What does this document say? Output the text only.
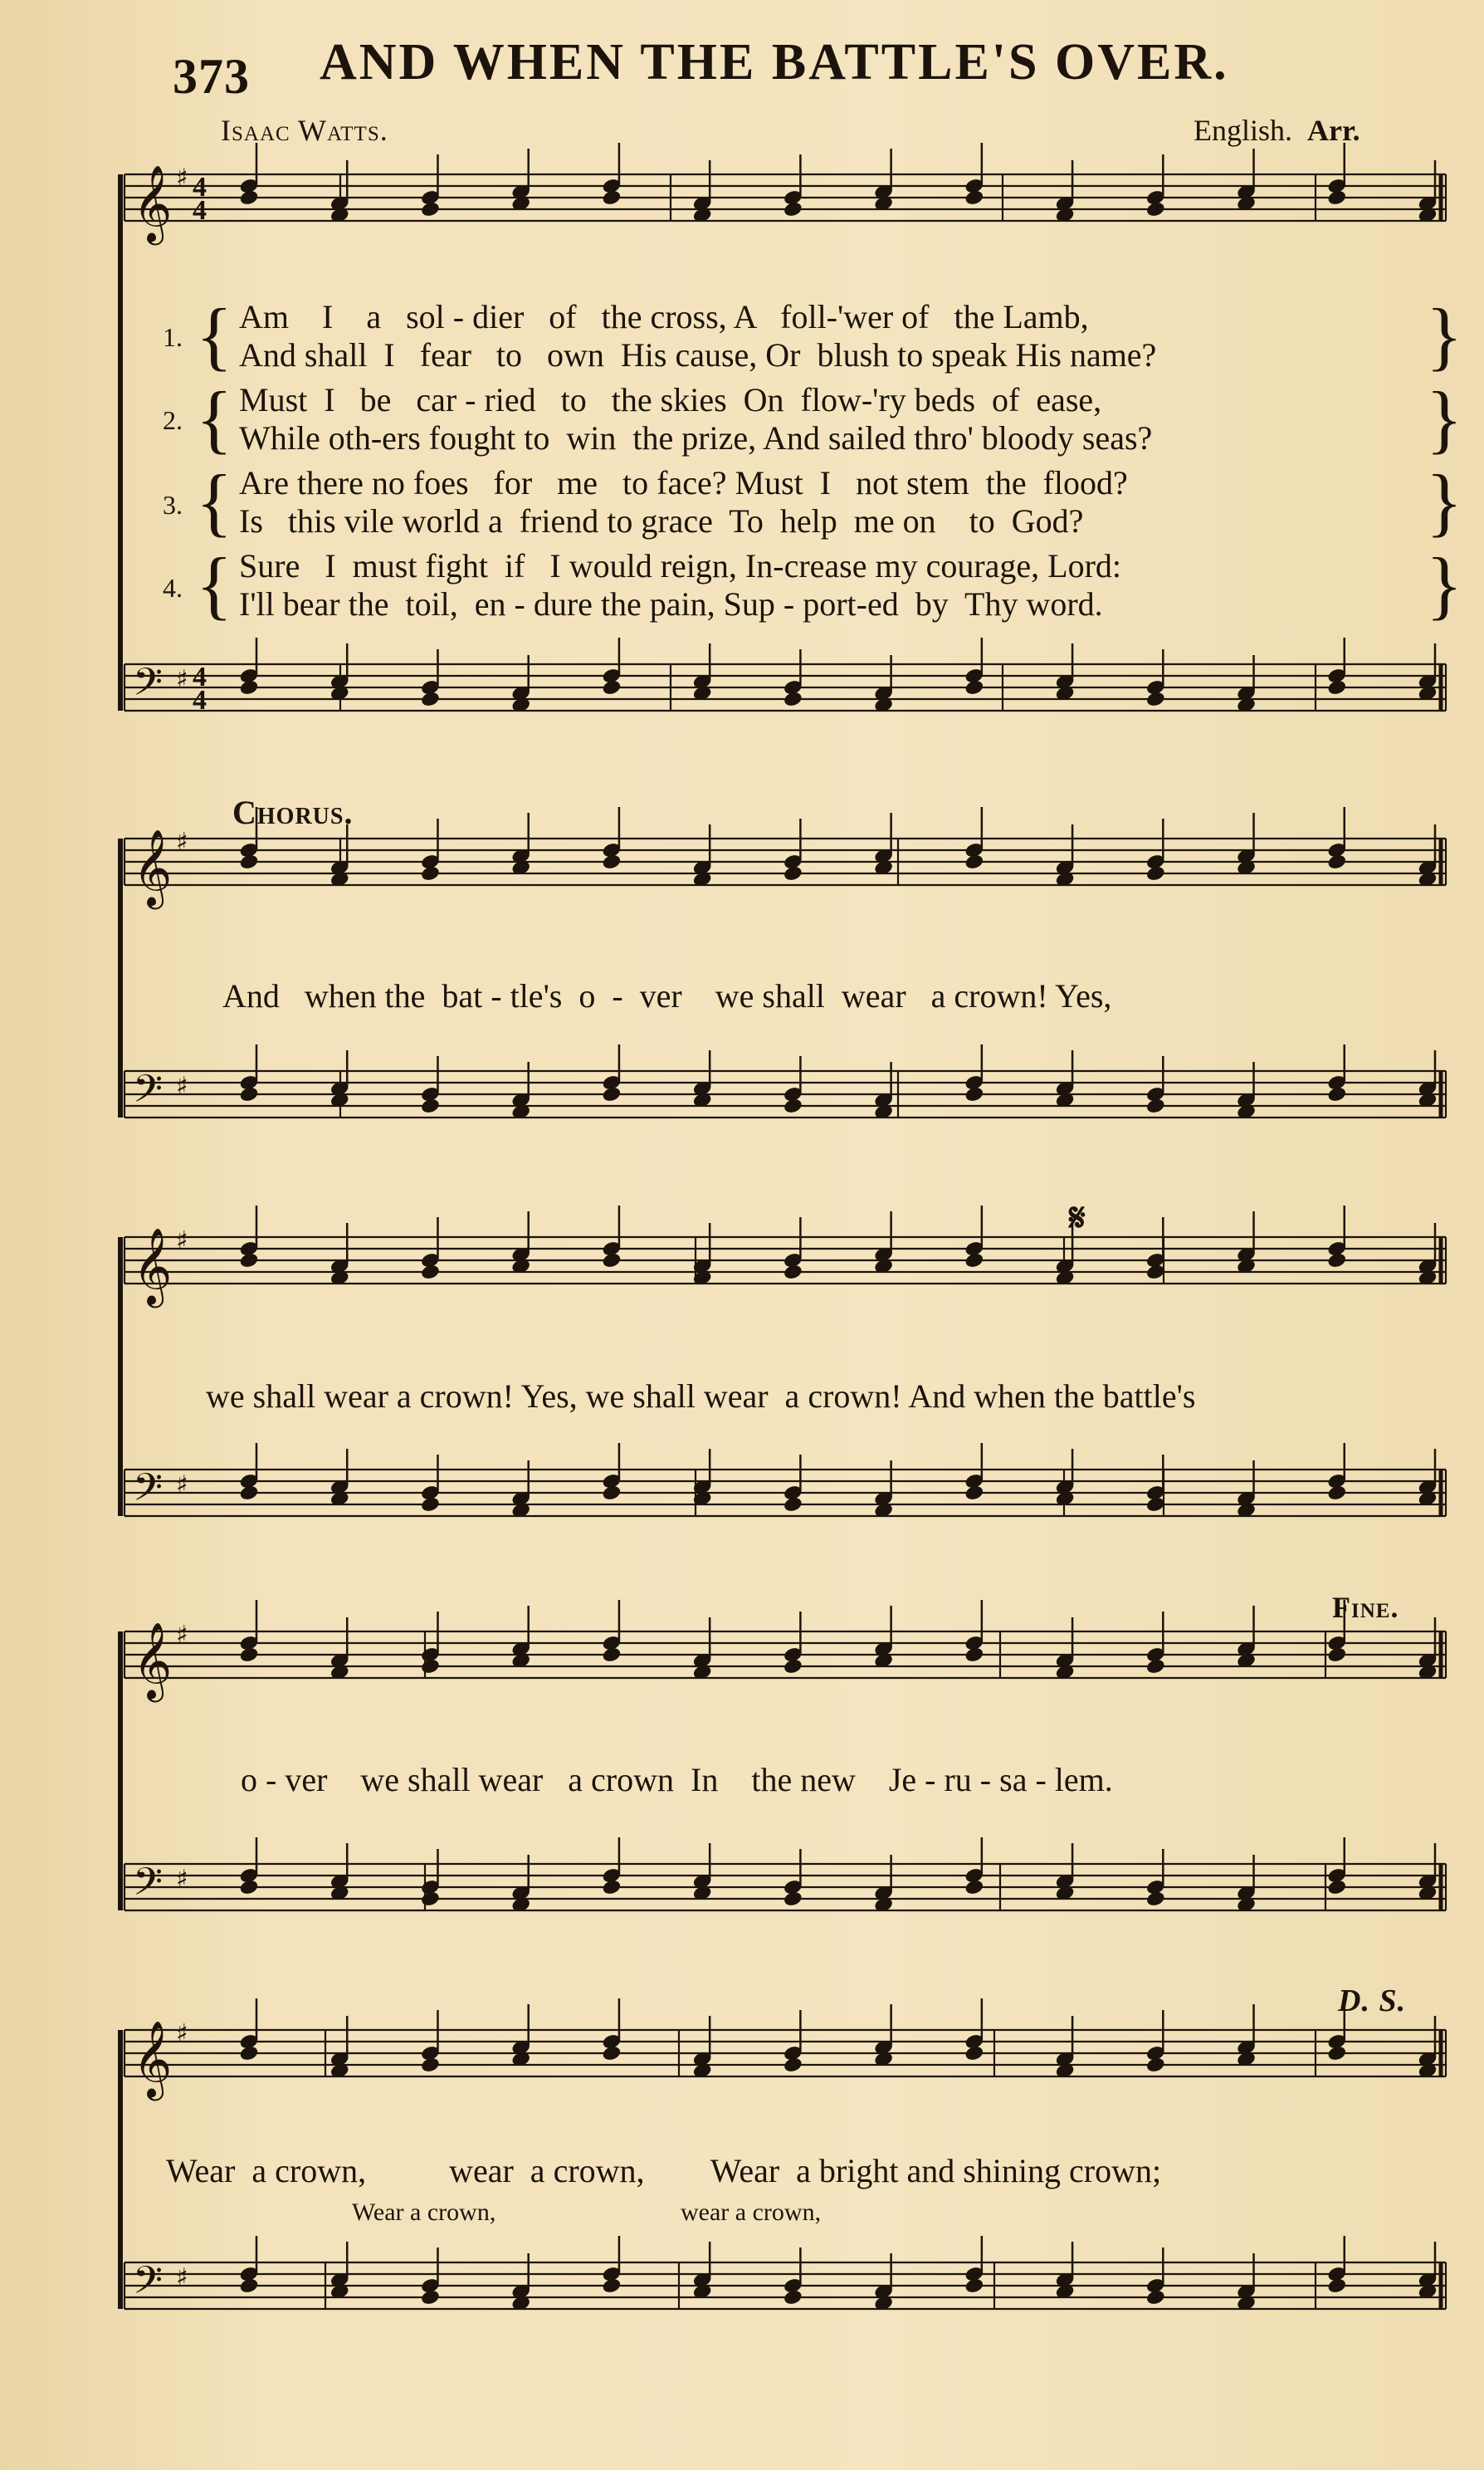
373 AND WHEN THE BATTLE'S OVER.
Isaac Watts.	English. Arr.
𝄞
𝄢
♯
♯
4
4
4
4
𝄞
𝄢
♯
♯
𝄞
𝄢
♯
♯
𝄞
𝄢
♯
♯
𝄞
𝄢
♯
♯
1.
Am    I    a   sol - dier   of   the cross, A   foll-'wer of   the Lamb,
And shall  I   fear   to   own  His cause, Or  blush to speak His name?
2.
Must  I   be   car - ried   to   the skies  On  flow-'ry beds  of  ease,
While oth-ers fought to  win  the prize, And sailed thro' bloody seas?
3.
Are there no foes   for   me   to face? Must  I   not stem  the  flood?
Is   this vile world a  friend to grace  To  help  me on    to  God?
4.
Sure   I  must fight  if   I would reign, In-crease my courage, Lord:
I'll bear the  toil,  en - dure the pain, Sup - port-ed  by  Thy word.
Chorus.
And   when the  bat - tle's  o  -  ver    we shall  wear   a crown! Yes,
we shall wear a crown! Yes, we shall wear  a crown! And when the battle's
Fine.
o - ver    we shall wear   a crown  In    the new    Je - ru - sa - lem.
D. S.
Wear  a crown,          wear  a crown,        Wear  a bright and shining crown;
Wear a crown,	wear a crown,
𝄋
{
{
{
{
}
}
}
}
